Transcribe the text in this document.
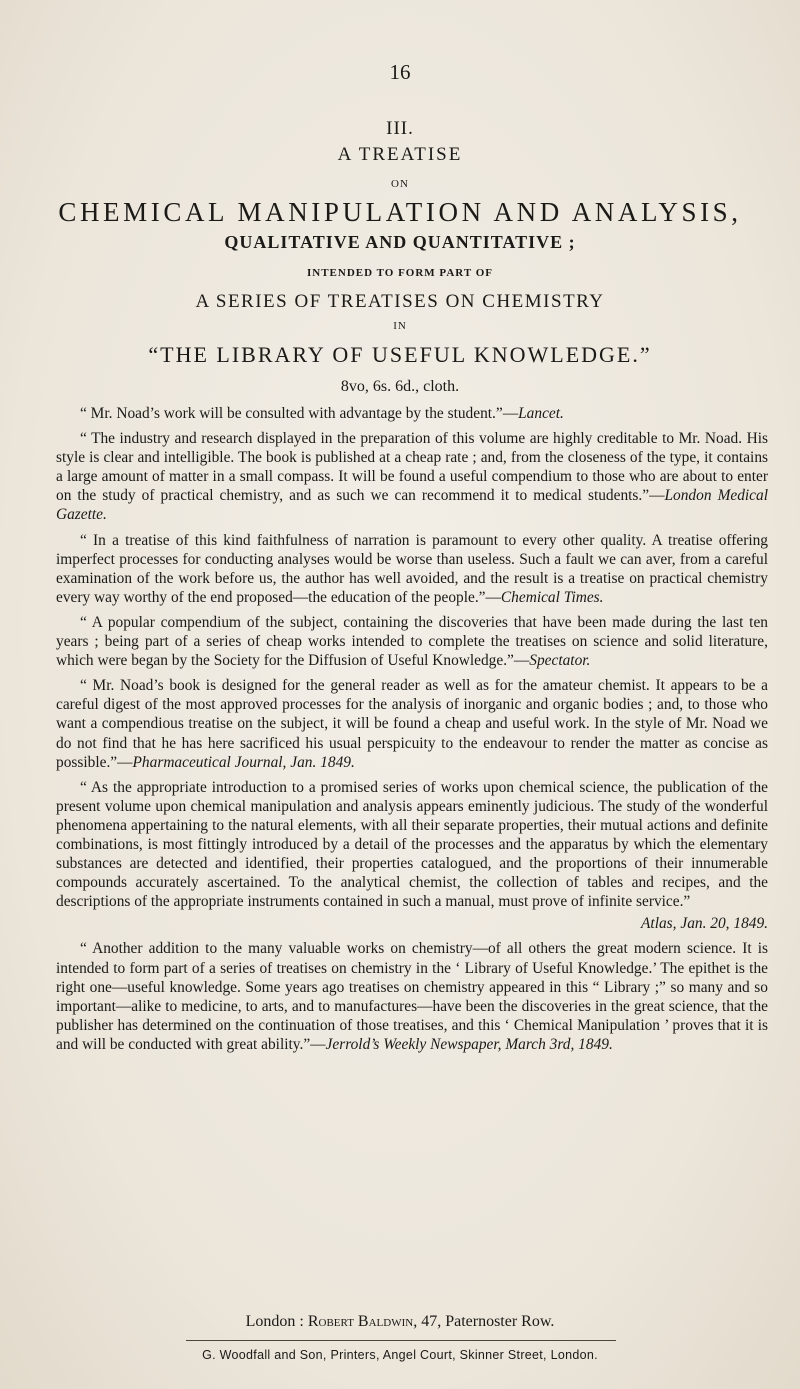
16
III.
A TREATISE
ON
CHEMICAL MANIPULATION AND ANALYSIS,
QUALITATIVE AND QUANTITATIVE ;
INTENDED TO FORM PART OF
A SERIES OF TREATISES ON CHEMISTRY
IN
“THE LIBRARY OF USEFUL KNOWLEDGE.”
8vo, 6s. 6d., cloth.

“ Mr. Noad’s work will be consulted with advantage by the student.”—Lancet.

“ The industry and research displayed in the preparation of this volume are highly creditable to Mr. Noad. His style is clear and intelligible. The book is published at a cheap rate ; and, from the closeness of the type, it contains a large amount of matter in a small compass. It will be found a useful compendium to those who are about to enter on the study of practical chemistry, and as such we can recommend it to medical students.”—London Medical Gazette.

“ In a treatise of this kind faithfulness of narration is paramount to every other quality. A treatise offering imperfect processes for conducting analyses would be worse than useless. Such a fault we can aver, from a careful examination of the work before us, the author has well avoided, and the result is a treatise on practical chemistry every way worthy of the end proposed—the education of the people.”—Chemical Times.

“ A popular compendium of the subject, containing the discoveries that have been made during the last ten years ; being part of a series of cheap works intended to complete the treatises on science and solid literature, which were began by the Society for the Diffusion of Useful Knowledge.”—Spectator.

“ Mr. Noad’s book is designed for the general reader as well as for the amateur chemist. It appears to be a careful digest of the most approved processes for the analysis of inorganic and organic bodies ; and, to those who want a compendious treatise on the subject, it will be found a cheap and useful work. In the style of Mr. Noad we do not find that he has here sacrificed his usual perspicuity to the endeavour to render the matter as concise as possible.”—Pharmaceutical Journal, Jan. 1849.

“ As the appropriate introduction to a promised series of works upon chemical science, the publication of the present volume upon chemical manipulation and analysis appears eminently judicious. The study of the wonderful phenomena appertaining to the natural elements, with all their separate properties, their mutual actions and definite combinations, is most fittingly introduced by a detail of the processes and the apparatus by which the elementary substances are detected and identified, their properties catalogued, and the proportions of their innumerable compounds accurately ascertained. To the analytical chemist, the collection of tables and recipes, and the descriptions of the appropriate instruments contained in such a manual, must prove of infinite service.”

Atlas, Jan. 20, 1849.

“ Another addition to the many valuable works on chemistry—of all others the great modern science. It is intended to form part of a series of treatises on chemistry in the ‘ Library of Useful Knowledge.’ The epithet is the right one—useful knowledge. Some years ago treatises on chemistry appeared in this “ Library ;” so many and so important—alike to medicine, to arts, and to manufactures—have been the discoveries in the great science, that the publisher has determined on the continuation of those treatises, and this ‘ Chemical Manipulation ’ proves that it is and will be conducted with great ability.”—Jerrold’s Weekly Newspaper, March 3rd, 1849.

London : Robert Baldwin, 47, Paternoster Row.
G. Woodfall and Son, Printers, Angel Court, Skinner Street, London.
